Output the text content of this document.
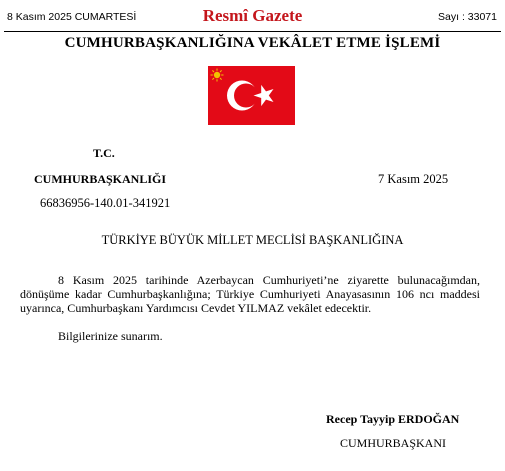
8 Kasım 2025 CUMARTESİ	Resmî Gazete	Sayı : 33071
CUMHURBAŞKANLIĞINA VEKÂLET ETME İŞLEMİ
T.C.
CUMHURBAŞKANLIĞI	7 Kasım 2025
66836956-140.01-341921
TÜRKİYE BÜYÜK MİLLET MECLİSİ BAŞKANLIĞINA
8 Kasım 2025 tarihinde Azerbaycan Cumhuriyeti’ne ziyarette bulunacağımdan, dönüşüme kadar Cumhurbaşkanlığına; Türkiye Cumhuriyeti Anayasasının 106 ncı maddesi uyarınca, Cumhurbaşkanı Yardımcısı Cevdet YILMAZ vekâlet edecektir.
Bilgilerinize sunarım.
Recep Tayyip ERDOĞAN
CUMHURBAŞKANI
